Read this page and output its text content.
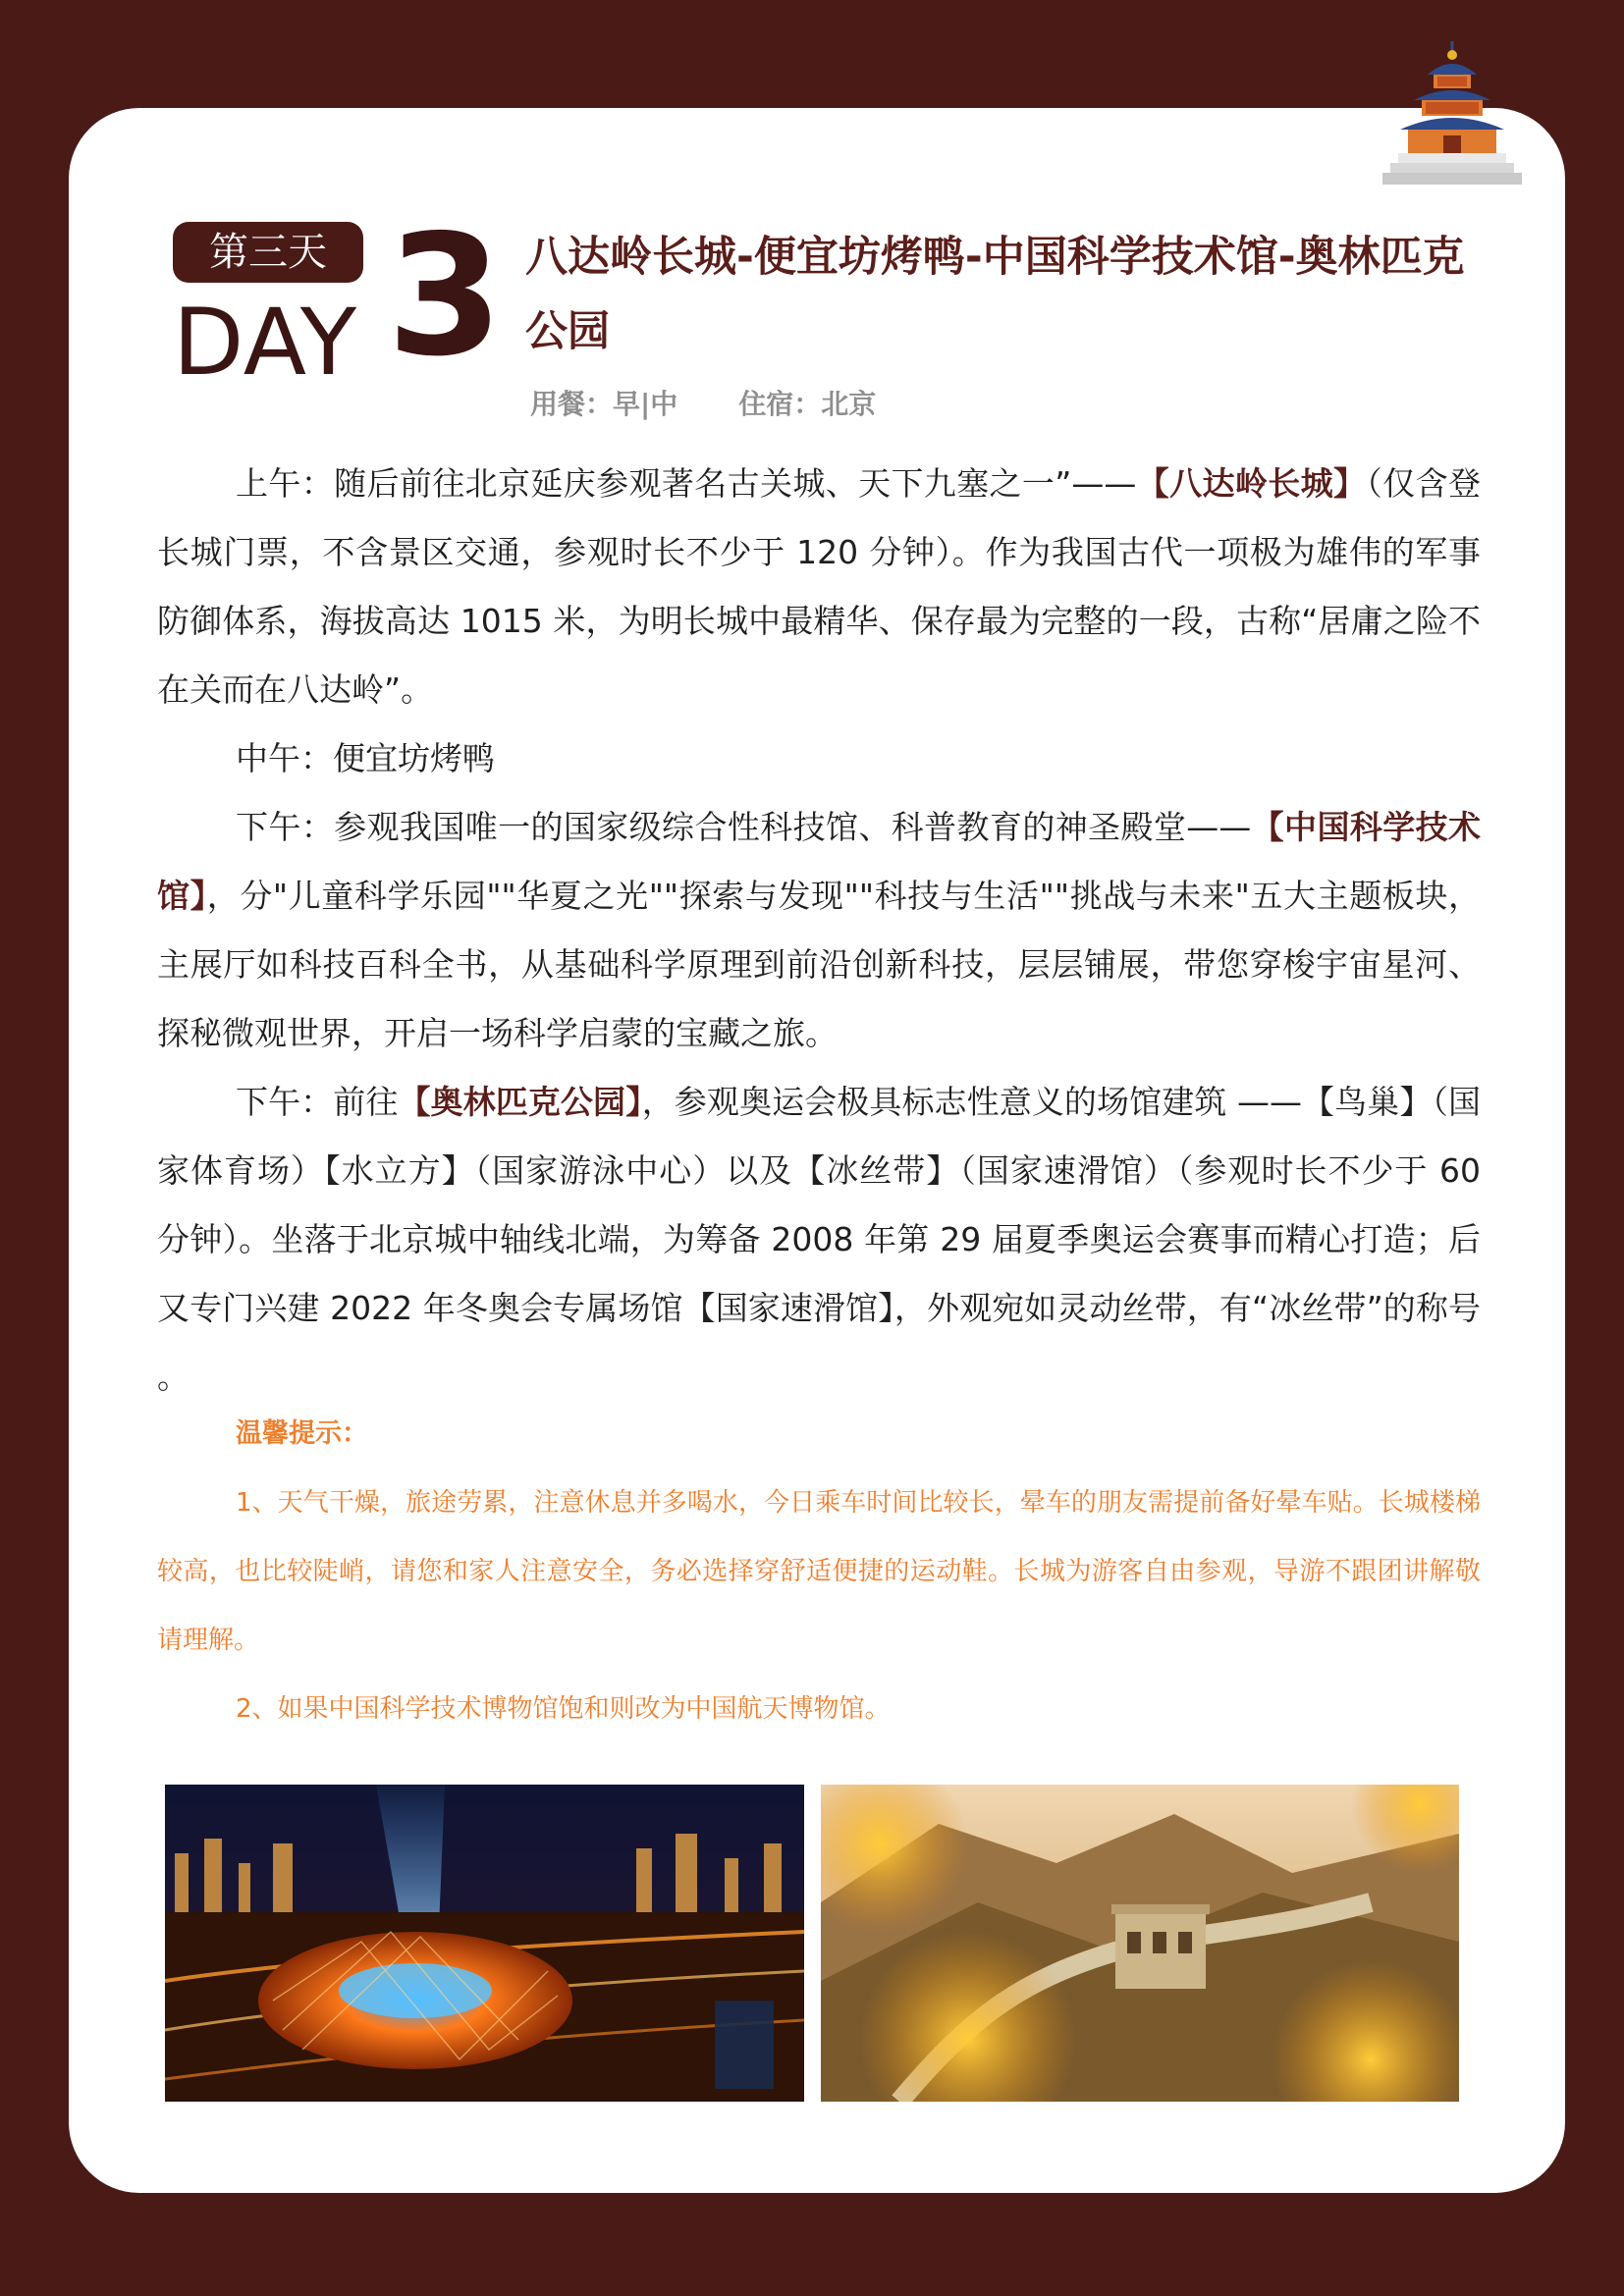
第三天
DAY 3 八达岭长城-便宜坊烤鸭-中国科学技术馆-奥林匹克公园
用餐：早|中 住宿：北京

上午：随后前往北京延庆参观著名古关城、天下九塞之一”——【八达岭长城】（仅含登长城门票，不含景区交通，参观时长不少于 120 分钟）。作为我国古代一项极为雄伟的军事防御体系，海拔高达 1015 米，为明长城中最精华、保存最为完整的一段，古称“居庸之险不在关而在八达岭”。

中午：便宜坊烤鸭

下午：参观我国唯一的国家级综合性科技馆、科普教育的神圣殿堂——【中国科学技术馆】，分"儿童科学乐园""华夏之光""探索与发现""科技与生活""挑战与未来"五大主题板块，主展厅如科技百科全书，从基础科学原理到前沿创新科技，层层铺展，带您穿梭宇宙星河、探秘微观世界，开启一场科学启蒙的宝藏之旅。

下午：前往【奥林匹克公园】，参观奥运会极具标志性意义的场馆建筑 ——【鸟巢】（国家体育场）【水立方】（国家游泳中心）以及【冰丝带】（国家速滑馆）（参观时长不少于 60 分钟）。坐落于北京城中轴线北端，为筹备 2008 年第 29 届夏季奥运会赛事而精心打造；后又专门兴建 2022 年冬奥会专属场馆【国家速滑馆】，外观宛如灵动丝带，有“冰丝带”的称号 。

温馨提示：

1、天气干燥，旅途劳累，注意休息并多喝水，今日乘车时间比较长，晕车的朋友需提前备好晕车贴。长城楼梯较高，也比较陡峭，请您和家人注意安全，务必选择穿舒适便捷的运动鞋。长城为游客自由参观，导游不跟团讲解敬请理解。

2、如果中国科学技术博物馆饱和则改为中国航天博物馆。
